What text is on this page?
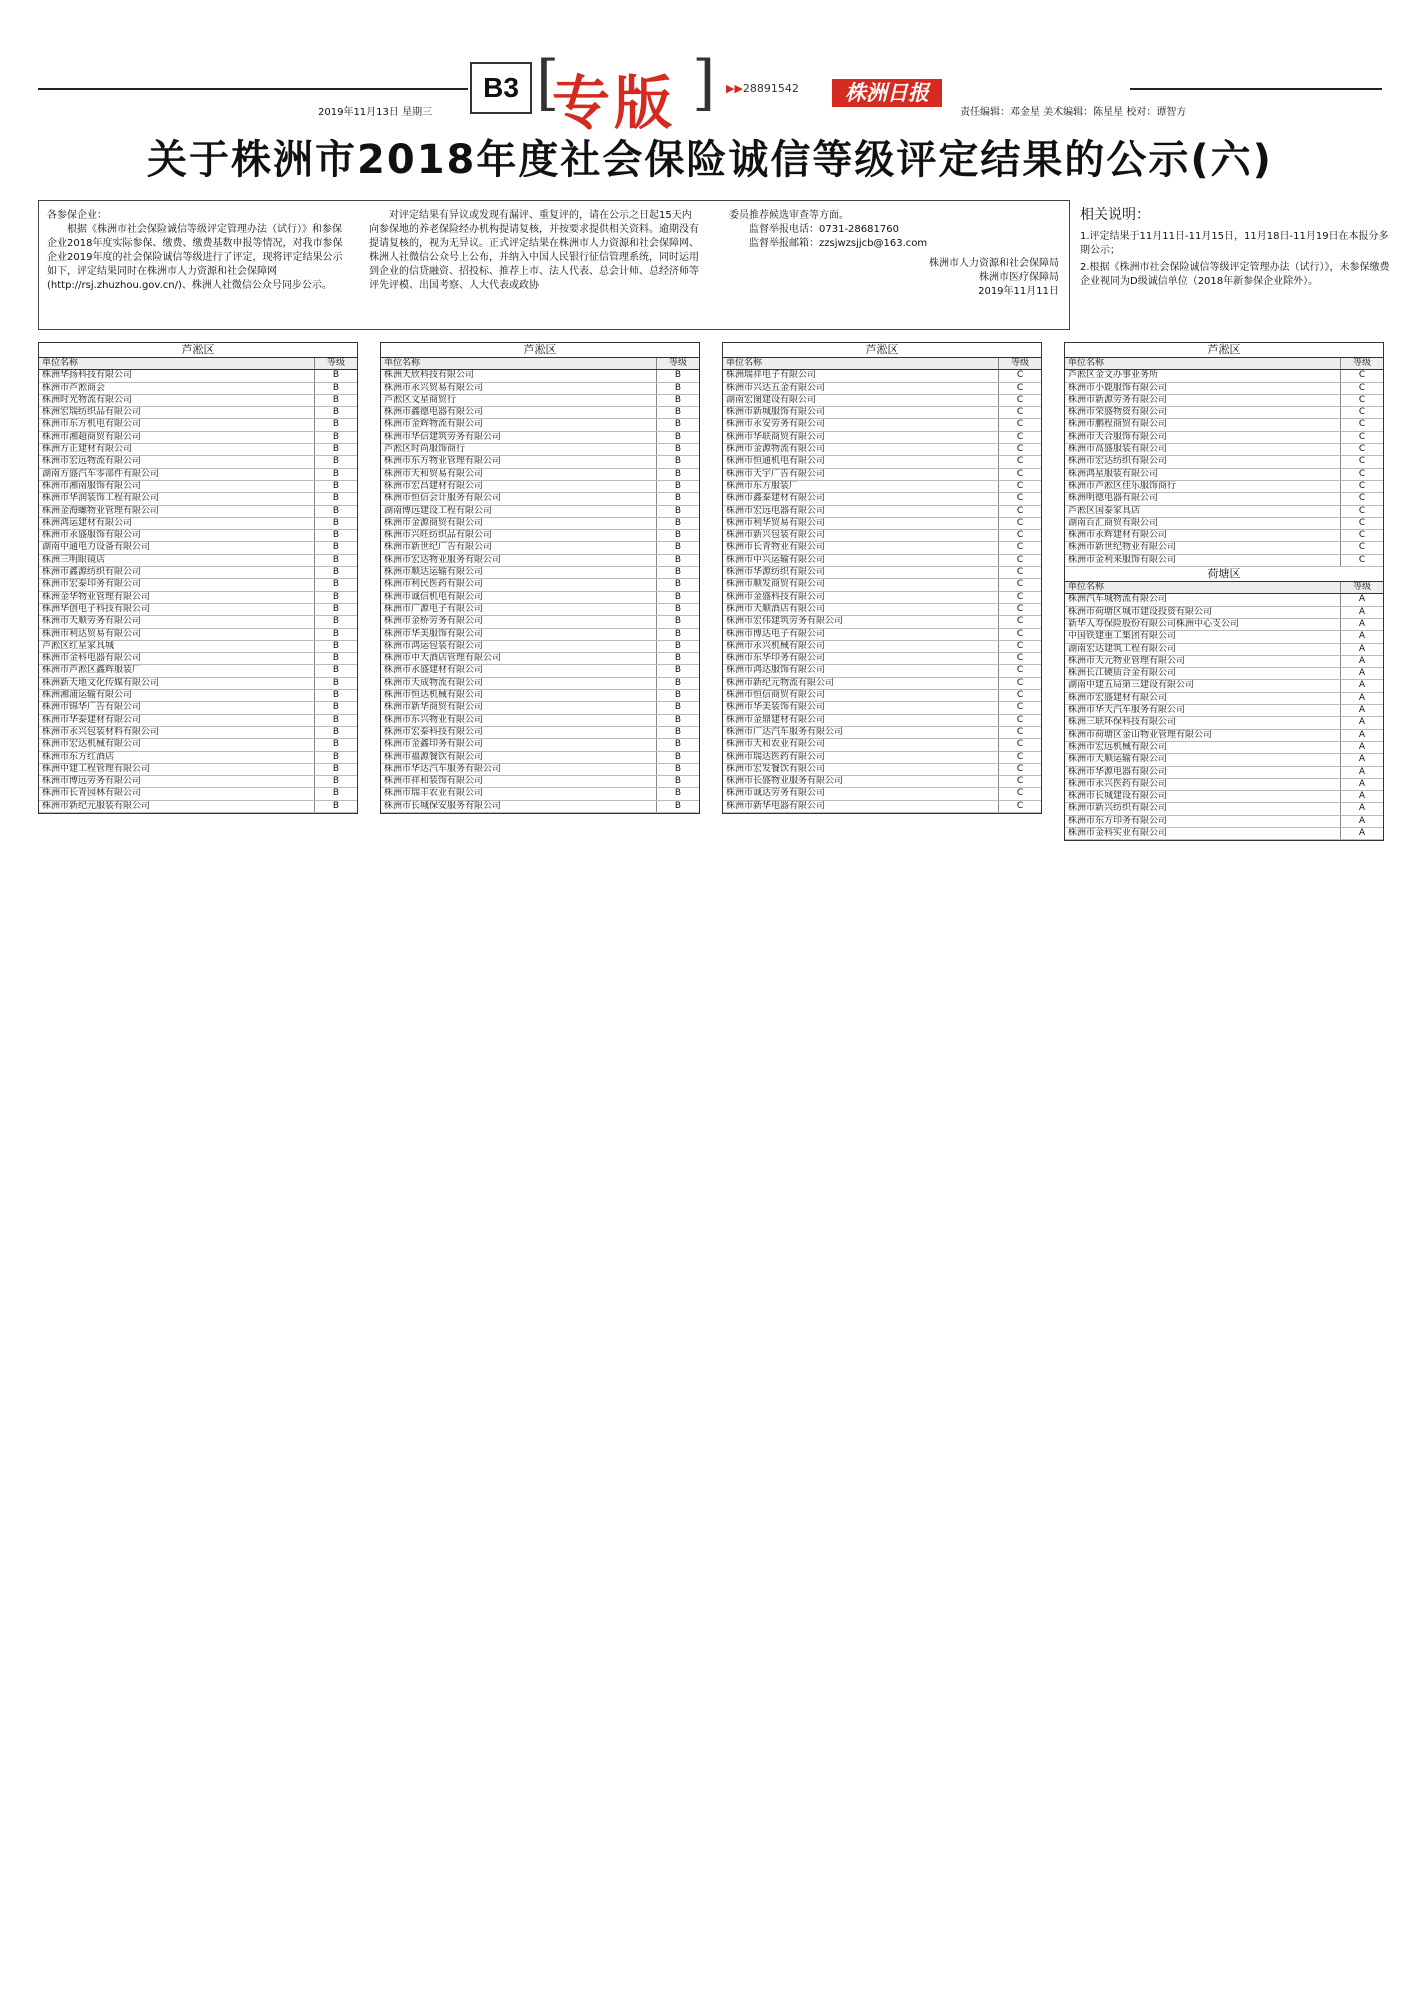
2019年11月13日 星期三
B3 [
专版 ] ▶▶28891542	株洲日报
责任编辑：邓金星 美术编辑：陈星星 校对：谭智方
关于株洲市2018年度社会保险诚信等级评定结果的公示(六)

各参保企业：

根据《株洲市社会保险诚信等级评定管理办法（试行）》和参保企业2018年度实际参保、缴费、缴费基数申报等情况，对我市参保企业2019年度的社会保险诚信等级进行了评定，现将评定结果公示如下，评定结果同时在株洲市人力资源和社会保障网(http://rsj.zhuzhou.gov.cn/)、株洲人社微信公众号同步公示。

对评定结果有异议或发现有漏评、重复评的，请在公示之日起15天内向参保地的养老保险经办机构提请复核，并按要求提供相关资料。逾期没有提请复核的，视为无异议。正式评定结果在株洲市人力资源和社会保障网、株洲人社微信公众号上公布，并纳入中国人民银行征信管理系统，同时运用到企业的信贷融资、招投标、推荐上市、法人代表、总会计师、总经济师等评先评模、出国考察、人大代表或政协

委员推荐候选审查等方面。

监督举报电话：0731-28681760

监督举报邮箱：zzsjwzsjjcb@163.com

株洲市人力资源和社会保障局

株洲市医疗保障局

2019年11月11日

相关说明：

1.评定结果于11月11日-11月15日，11月18日-11月19日在本报分多期公示；

2.根据《株洲市社会保险诚信等级评定管理办法（试行）》，未参保缴费企业视同为D级诚信单位（2018年新参保企业除外）。

芦淞区
单位名称	等级
株洲华扬科技有限公司	B
株洲市芦淞商会	B
株洲时光物流有限公司	B
株洲宏瑞纺织品有限公司	B
株洲市东方机电有限公司	B
株洲市湘超商贸有限公司	B
株洲方正建材有限公司	B
株洲市宏远物流有限公司	B
湖南方盛汽车零部件有限公司	B
株洲市湘南服饰有限公司	B
株洲市华润装饰工程有限公司	B
株洲金海螺物业管理有限公司	B
株洲鸿运建材有限公司	B
株洲市永盛服饰有限公司	B
湖南中通电力设备有限公司	B
株洲三明眼镜店	B
株洲市鑫源纺织有限公司	B
株洲市宏泰印务有限公司	B
株洲金华物业管理有限公司	B
株洲华创电子科技有限公司	B
株洲市天顺劳务有限公司	B
株洲市利达贸易有限公司	B
芦淞区红星家具城	B
株洲市金科电器有限公司	B
株洲市芦淞区鑫辉服装厂	B
株洲新天地文化传媒有限公司	B
株洲湘浦运输有限公司	B
株洲市锦华广告有限公司	B
株洲市华泰建材有限公司	B
株洲市永兴包装材料有限公司	B
株洲市宏达机械有限公司	B
株洲市东方红酒店	B
株洲中建工程管理有限公司	B
株洲市博远劳务有限公司	B
株洲市长青园林有限公司	B
株洲市新纪元服装有限公司	B
芦淞区
单位名称	等级
株洲天欣科技有限公司	B
株洲市永兴贸易有限公司	B
芦淞区文星商贸行	B
株洲市鑫德电器有限公司	B
株洲市金辉物流有限公司	B
株洲市华信建筑劳务有限公司	B
芦淞区时尚服饰商行	B
株洲市东方物业管理有限公司	B
株洲市天和贸易有限公司	B
株洲市宏昌建材有限公司	B
株洲市恒信会计服务有限公司	B
湖南博远建设工程有限公司	B
株洲市金源商贸有限公司	B
株洲市兴旺纺织品有限公司	B
株洲市新世纪广告有限公司	B
株洲市宏达物业服务有限公司	B
株洲市顺达运输有限公司	B
株洲市利民医药有限公司	B
株洲市诚信机电有限公司	B
株洲市广源电子有限公司	B
株洲市金桥劳务有限公司	B
株洲市华美服饰有限公司	B
株洲市鸿运包装有限公司	B
株洲市中天酒店管理有限公司	B
株洲市永盛建材有限公司	B
株洲市天成物流有限公司	B
株洲市恒达机械有限公司	B
株洲市新华商贸有限公司	B
株洲市东兴物业有限公司	B
株洲市宏泰科技有限公司	B
株洲市金鑫印务有限公司	B
株洲市福源餐饮有限公司	B
株洲市华达汽车服务有限公司	B
株洲市祥和装饰有限公司	B
株洲市瑞丰农业有限公司	B
株洲市长城保安服务有限公司	B
芦淞区
单位名称	等级
株洲瑞祥电子有限公司	C
株洲市兴达五金有限公司	C
湖南宏图建设有限公司	C
株洲市新城服饰有限公司	C
株洲市永安劳务有限公司	C
株洲市华联商贸有限公司	C
株洲市金源物流有限公司	C
株洲市恒通机电有限公司	C
株洲市天宇广告有限公司	C
株洲市东方服装厂	C
株洲市鑫泰建材有限公司	C
株洲市宏远电器有限公司	C
株洲市利华贸易有限公司	C
株洲市新兴包装有限公司	C
株洲市长青物业有限公司	C
株洲市中兴运输有限公司	C
株洲市华源纺织有限公司	C
株洲市顺发商贸有限公司	C
株洲市金盛科技有限公司	C
株洲市天顺酒店有限公司	C
株洲市宏伟建筑劳务有限公司	C
株洲市博达电子有限公司	C
株洲市永兴机械有限公司	C
株洲市东华印务有限公司	C
株洲市鸿达服饰有限公司	C
株洲市新纪元物流有限公司	C
株洲市恒信商贸有限公司	C
株洲市华美装饰有限公司	C
株洲市金鼎建材有限公司	C
株洲市广达汽车服务有限公司	C
株洲市天和农业有限公司	C
株洲市瑞达医药有限公司	C
株洲市宏发餐饮有限公司	C
株洲市长盛物业服务有限公司	C
株洲市诚达劳务有限公司	C
株洲市新华电器有限公司	C
芦淞区
单位名称	等级
芦淞区金文办事业务所	C
株洲市小鹿服饰有限公司	C
株洲市新源劳务有限公司	C
株洲市荣盛物资有限公司	C
株洲市鹏程商贸有限公司	C
株洲市天合服饰有限公司	C
株洲市高盛服装有限公司	C
株洲市宏达纺织有限公司	C
株洲鸿星服装有限公司	C
株洲市芦淞区佳乐服饰商行	C
株洲明德电器有限公司	C
芦淞区国泰家具店	C
湖南百汇商贸有限公司	C
株洲市永辉建材有限公司	C
株洲市新世纪物业有限公司	C
株洲市金利来服饰有限公司	C
荷塘区
单位名称	等级
株洲汽车城物流有限公司	A
株洲市荷塘区城市建设投资有限公司	A
新华人寿保险股份有限公司株洲中心支公司	A
中国铁建重工集团有限公司	A
湖南宏达建筑工程有限公司	A
株洲市天元物业管理有限公司	A
株洲长江硬质合金有限公司	A
湖南中建五局第三建设有限公司	A
株洲市宏盛建材有限公司	A
株洲市华天汽车服务有限公司	A
株洲三联环保科技有限公司	A
株洲市荷塘区金山物业管理有限公司	A
株洲市宏远机械有限公司	A
株洲市天顺运输有限公司	A
株洲市华源电器有限公司	A
株洲市永兴医药有限公司	A
株洲市长城建设有限公司	A
株洲市新兴纺织有限公司	A
株洲市东方印务有限公司	A
株洲市金科实业有限公司	A
